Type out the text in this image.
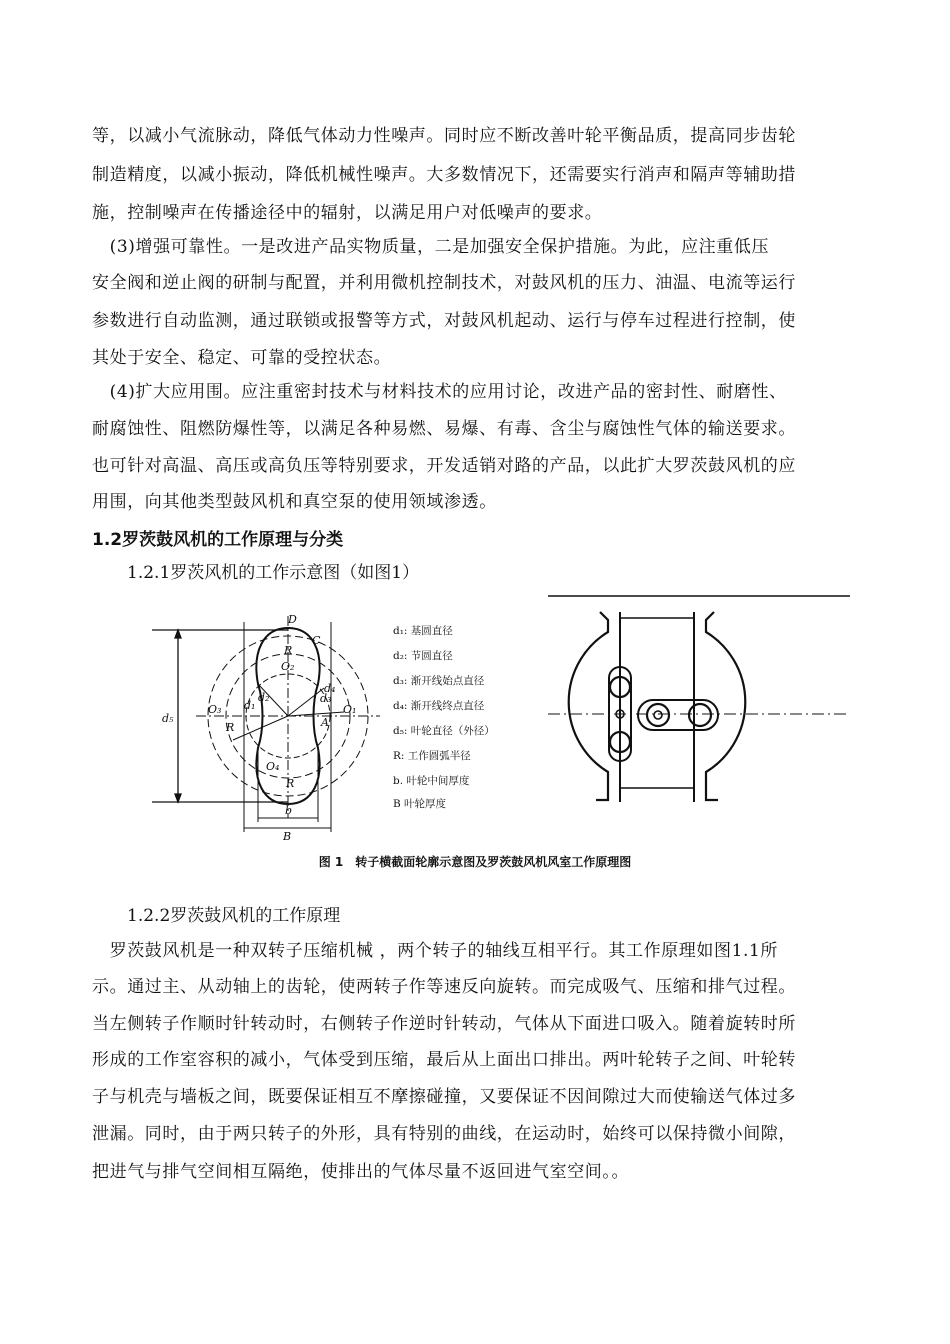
等，以减小气流脉动，降低气体动力性噪声。同时应不断改善叶轮平衡品质，提高同步齿轮
制造精度，以减小振动，降低机械性噪声。大多数情况下，还需要实行消声和隔声等辅助措
施，控制噪声在传播途径中的辐射，以满足用户对低噪声的要求。
　(3)增强可靠性。一是改进产品实物质量，二是加强安全保护措施。为此，应注重低压
安全阀和逆止阀的研制与配置，并利用微机控制技术，对鼓风机的压力、油温、电流等运行
参数进行自动监测，通过联锁或报警等方式，对鼓风机起动、运行与停车过程进行控制，使
其处于安全、稳定、可靠的受控状态。
　(4)扩大应用围。应注重密封技术与材料技术的应用讨论，改进产品的密封性、耐磨性、
耐腐蚀性、阻燃防爆性等，以满足各种易燃、易爆、有毒、含尘与腐蚀性气体的输送要求。
也可针对高温、高压或高负压等特别要求，开发适销对路的产品，以此扩大罗茨鼓风机的应
用围，向其他类型鼓风机和真空泵的使用领域渗透。
1.2罗茨鼓风机的工作原理与分类
1.2.1罗茨风机的工作示意图（如图1）
D
C
O₂
O₃	O₁
O₄
A
R
R
R
d₅
d₁
d₂	d₃
d₄
b
B
d₁: 基圆直径
d₂: 节圆直径
d₃: 渐开线始点直径
d₄: 渐开线终点直径
d₅: 叶轮直径（外径）
R: 工作圆弧半径
b. 叶轮中间厚度
B 叶轮厚度
图 1　转子横截面轮廓示意图及罗茨鼓风机风室工作原理图
1.2.2罗茨鼓风机的工作原理
　罗茨鼓风机是一种双转子压缩机械 ，两个转子的轴线互相平行。其工作原理如图1.1所
示。通过主、从动轴上的齿轮，使两转子作等速反向旋转。而完成吸气、压缩和排气过程。
当左侧转子作顺时针转动时，右侧转子作逆时针转动，气体从下面进口吸入。随着旋转时所
形成的工作室容积的减小，气体受到压缩，最后从上面出口排出。两叶轮转子之间、叶轮转
子与机壳与墙板之间，既要保证相互不摩擦碰撞，又要保证不因间隙过大而使输送气体过多
泄漏。同时，由于两只转子的外形，具有特别的曲线，在运动时，始终可以保持微小间隙，
把进气与排气空间相互隔绝，使排出的气体尽量不返回进气室空间。。
